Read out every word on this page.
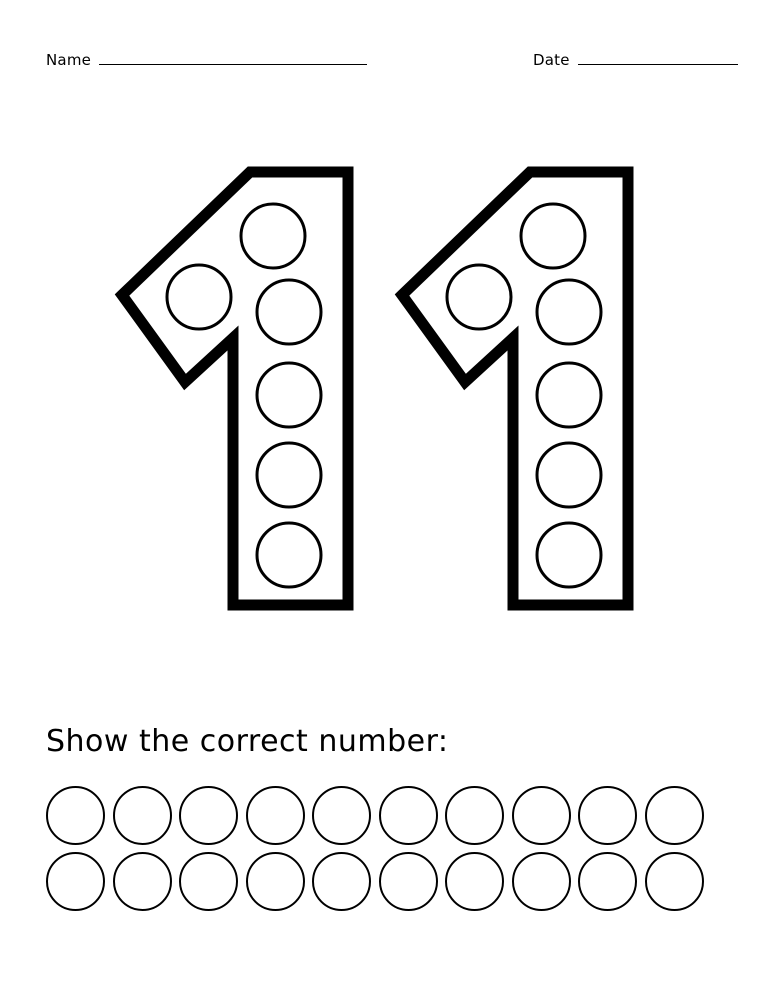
Name	Date
Show the correct number:
